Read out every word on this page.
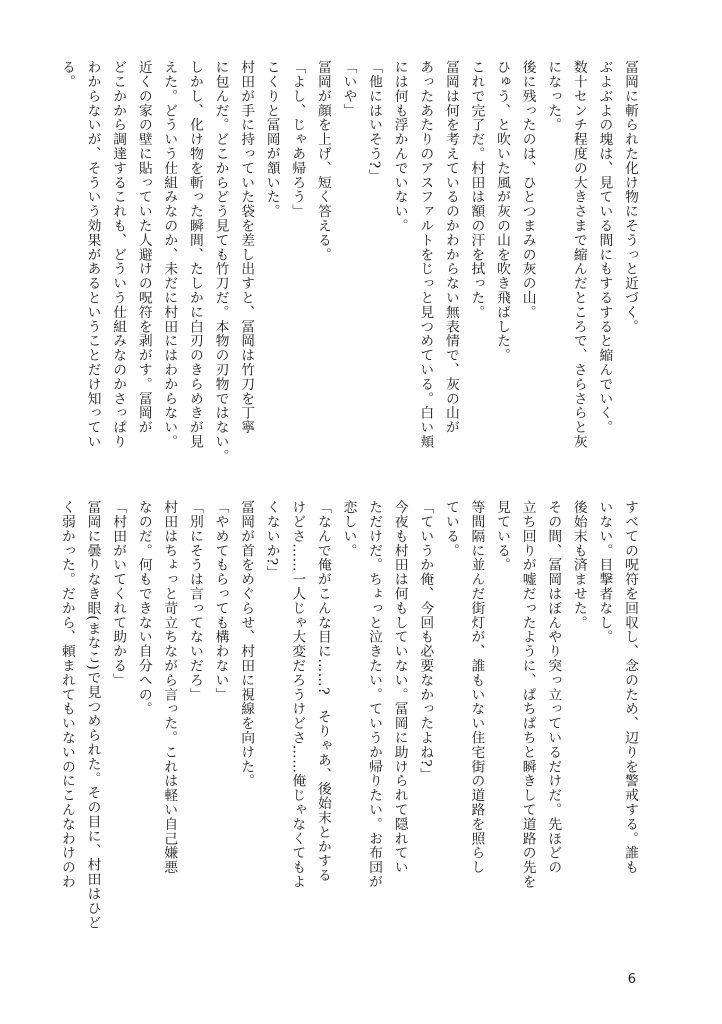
冨岡に斬られた化け物にそうっと近づく。
ぶよぶよの塊は、見ている間にもするすると縮んでいく。
数十センチ程度の大きさまで縮んだところで、さらさらと灰
になった。
後に残ったのは、ひとつまみの灰の山。
ひゅう、と吹いた風が灰の山を吹き飛ばした。
これで完了だ。村田は額の汗を拭った。
冨岡は何を考えているのかわからない無表情で、灰の山が
あったあたりのアスファルトをじっと見つめている。白い頬
には何も浮かんでいない。
「他にはいそう?」
「いや」
冨岡が顔を上げ、短く答える。
「よし、じゃあ帰ろう」
こくりと冨岡が頷いた。
村田が手に持っていた袋を差し出すと、冨岡は竹刀を丁寧
に包んだ。どこからどう見ても竹刀だ。本物の刃物ではない。
しかし、化け物を斬った瞬間、たしかに白刃のきらめきが見
えた。どういう仕組みなのか、未だに村田にはわからない。
近くの家の壁に貼っていた人避けの呪符を剥がす。冨岡が
どこかから調達するこれも、どういう仕組みなのかさっぱり
わからないが、そういう効果があるということだけ知ってい
る。
すべての呪符を回収し、念のため、辺りを警戒する。誰も
いない。目撃者なし。
後始末も済ませた。
その間、冨岡はぼんやり突っ立っているだけだ。先ほどの
立ち回りが嘘だったように、ぱちぱちと瞬きして道路の先を
見ている。
等間隔に並んだ街灯が、誰もいない住宅街の道路を照らし
ている。
「ていうか俺、今回も必要なかったよね?」
今夜も村田は何もしていない。冨岡に助けられて隠れてい
ただけだ。ちょっと泣きたい。ていうか帰りたい。お布団が
恋しい。
「なんで俺がこんな目に……?　そりゃあ、後始末とかする
けどさ……一人じゃ大変だろうけどさ……俺じゃなくてもよ
くないか?」
冨岡が首をめぐらせ、村田に視線を向けた。
「やめてもらっても構わない」
「別にそうは言ってないだろ」
村田はちょっと苛立ちながら言った。これは軽い自己嫌悪
なのだ。何もできない自分への。
「村田がいてくれて助かる」
冨岡に曇りなき眼(まなこ)で見つめられた。その目に、村田はひど
く弱かった。だから、頼まれてもいないのにこんなわけのわ
6
